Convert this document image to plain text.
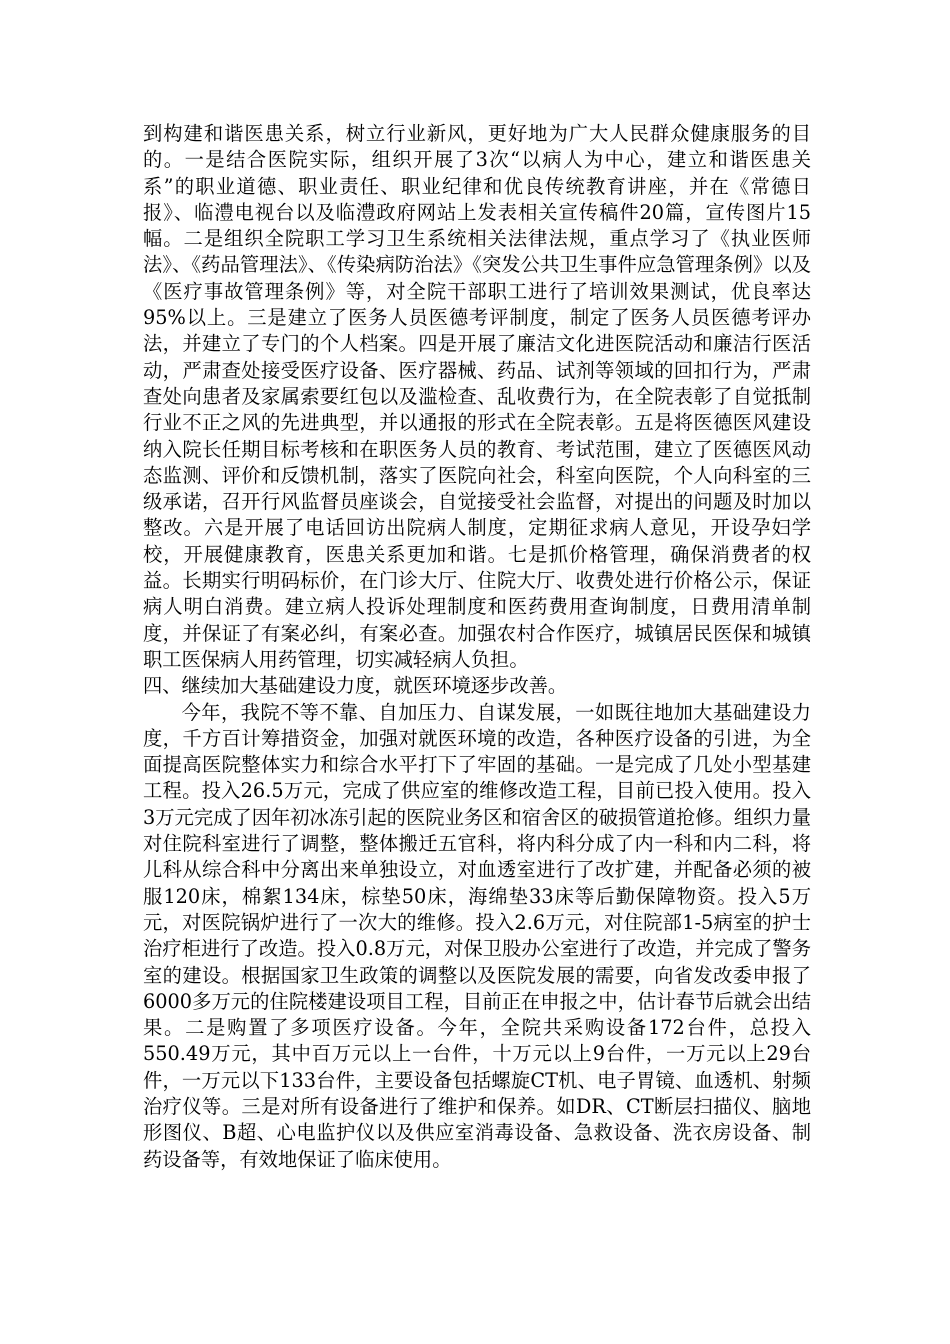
到构建和谐医患关系，树立行业新风，更好地为广大人民群众健康服务的目的。一是结合医院实际，组织开展了3次“以病人为中心，建立和谐医患关系”的职业道德、职业责任、职业纪律和优良传统教育讲座，并在《常德日报》、临澧电视台以及临澧政府网站上发表相关宣传稿件20篇，宣传图片15幅。二是组织全院职工学习卫生系统相关法律法规，重点学习了《执业医师法》、《药品管理法》、《传染病防治法》《突发公共卫生事件应急管理条例》以及《医疗事故管理条例》等，对全院干部职工进行了培训效果测试，优良率达95%以上。三是建立了医务人员医德考评制度，制定了医务人员医德考评办法，并建立了专门的个人档案。四是开展了廉洁文化进医院活动和廉洁行医活动，严肃查处接受医疗设备、医疗器械、药品、试剂等领域的回扣行为，严肃查处向患者及家属索要红包以及滥检查、乱收费行为，在全院表彰了自觉抵制行业不正之风的先进典型，并以通报的形式在全院表彰。五是将医德医风建设纳入院长任期目标考核和在职医务人员的教育、考试范围，建立了医德医风动态监测、评价和反馈机制，落实了医院向社会，科室向医院，个人向科室的三级承诺，召开行风监督员座谈会，自觉接受社会监督，对提出的问题及时加以整改。六是开展了电话回访出院病人制度，定期征求病人意见，开设孕妇学校，开展健康教育，医患关系更加和谐。七是抓价格管理，确保消费者的权益。长期实行明码标价，在门诊大厅、住院大厅、收费处进行价格公示，保证病人明白消费。建立病人投诉处理制度和医药费用查询制度，日费用清单制度，并保证了有案必纠，有案必查。加强农村合作医疗，城镇居民医保和城镇职工医保病人用药管理，切实减轻病人负担。

四、继续加大基础建设力度，就医环境逐步改善。

今年，我院不等不靠、自加压力、自谋发展，一如既往地加大基础建设力度，千方百计筹措资金，加强对就医环境的改造，各种医疗设备的引进，为全面提高医院整体实力和综合水平打下了牢固的基础。一是完成了几处小型基建工程。投入26.5万元，完成了供应室的维修改造工程，目前已投入使用。投入3万元完成了因年初冰冻引起的医院业务区和宿舍区的破损管道抢修。组织力量对住院科室进行了调整，整体搬迁五官科，将内科分成了内一科和内二科，将儿科从综合科中分离出来单独设立，对血透室进行了改扩建，并配备必须的被服120床，棉絮134床，棕垫50床，海绵垫33床等后勤保障物资。投入5万元，对医院锅炉进行了一次大的维修。投入2.6万元，对住院部1-5病室的护士治疗柜进行了改造。投入0.8万元，对保卫股办公室进行了改造，并完成了警务室的建设。根据国家卫生政策的调整以及医院发展的需要，向省发改委申报了6000多万元的住院楼建设项目工程，目前正在申报之中，估计春节后就会出结果。二是购置了多项医疗设备。今年，全院共采购设备172台件，总投入550.49万元，其中百万元以上一台件，十万元以上9台件，一万元以上29台件，一万元以下133台件，主要设备包括螺旋CT机、电子胃镜、血透机、射频治疗仪等。三是对所有设备进行了维护和保养。如DR、CT断层扫描仪、脑地形图仪、B超、心电监护仪以及供应室消毒设备、急救设备、洗衣房设备、制药设备等，有效地保证了临床使用。
